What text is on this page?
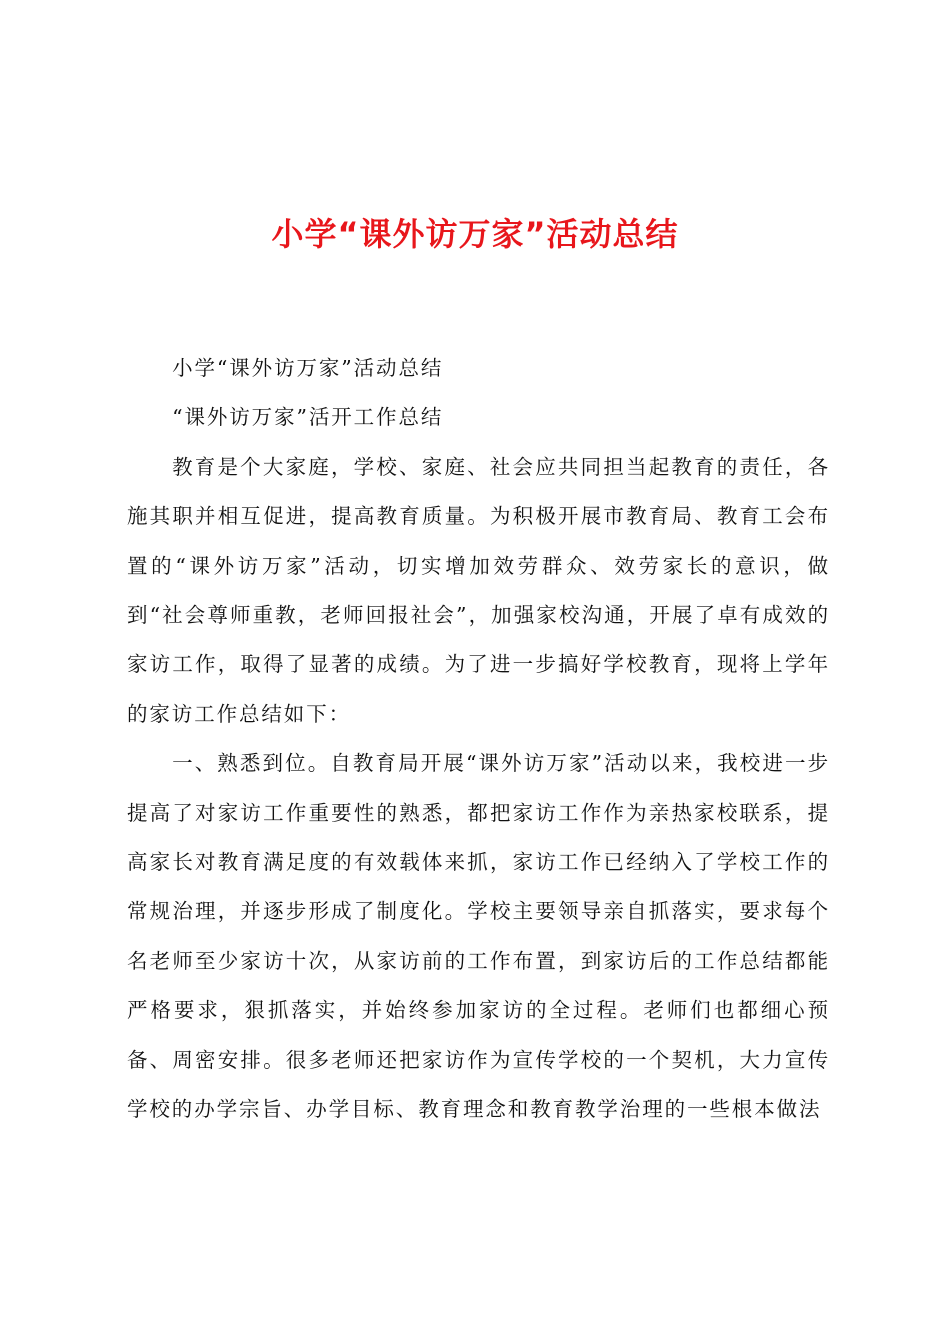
小学“课外访万家”活动总结

小学“课外访万家”活动总结

“课外访万家”活开工作总结

教育是个大家庭，学校、家庭、社会应共同担当起教育的责任，各施其职并相互促进，提高教育质量。为积极开展市教育局、教育工会布置的“课外访万家”活动，切实增加效劳群众、效劳家长的意识，做到“社会尊师重教，老师回报社会”，加强家校沟通，开展了卓有成效的家访工作，取得了显著的成绩。为了进一步搞好学校教育，现将上学年的家访工作总结如下：

一、熟悉到位。自教育局开展“课外访万家”活动以来，我校进一步提高了对家访工作重要性的熟悉，都把家访工作作为亲热家校联系，提高家长对教育满足度的有效载体来抓，家访工作已经纳入了学校工作的常规治理，并逐步形成了制度化。学校主要领导亲自抓落实，要求每个名老师至少家访十次，从家访前的工作布置，到家访后的工作总结都能严格要求，狠抓落实，并始终参加家访的全过程。老师们也都细心预备、周密安排。很多老师还把家访作为宣传学校的一个契机，大力宣传学校的办学宗旨、办学目标、教育理念和教育教学治理的一些根本做法
